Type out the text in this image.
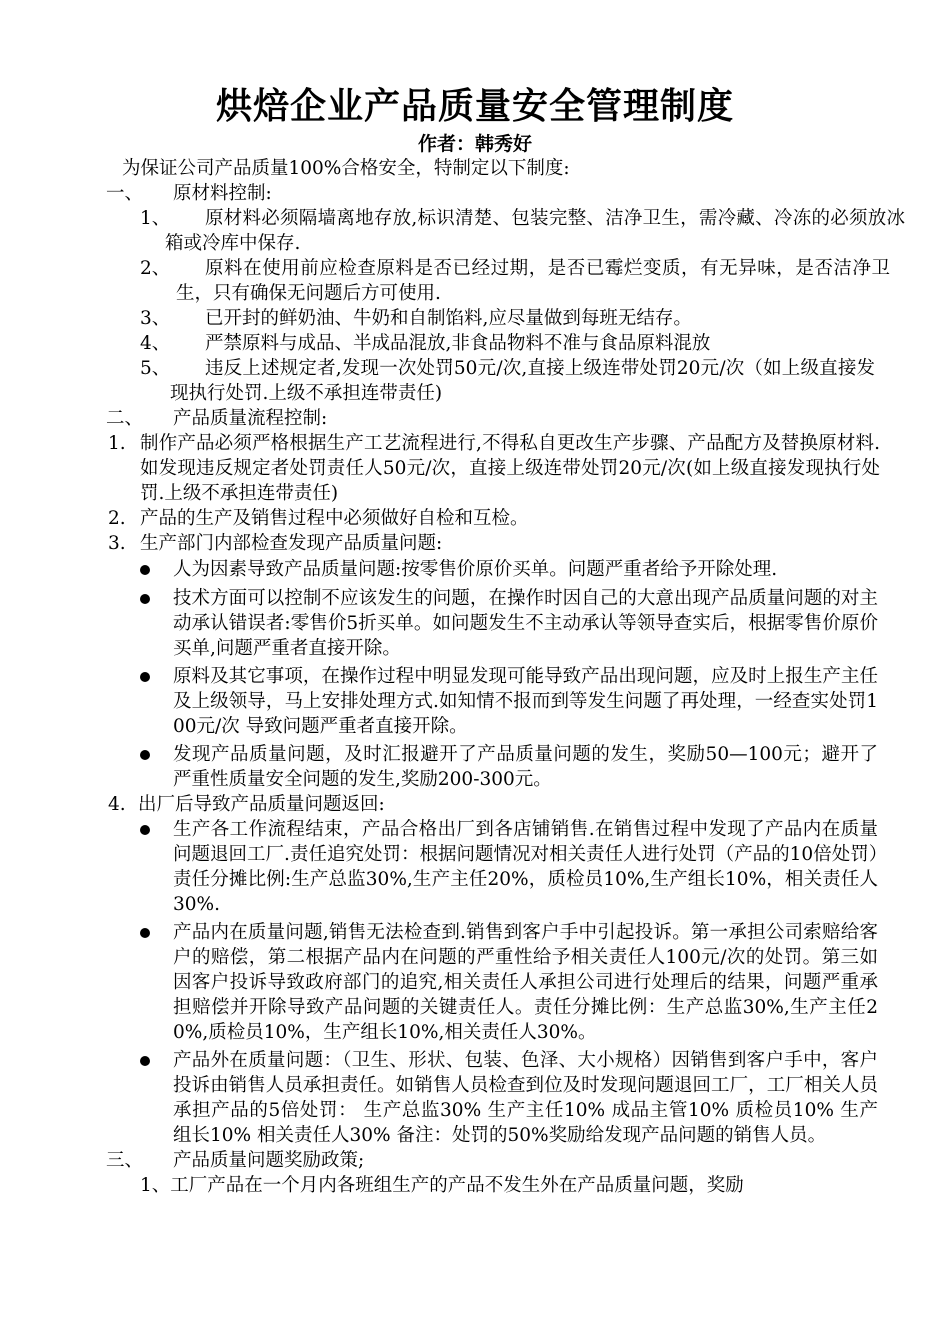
烘焙企业产品质量安全管理制度
作者：韩秀好
为保证公司产品质量100%合格安全，特制定以下制度:
一、 原材料控制:
1、	原材料必须隔墙离地存放,标识清楚、包装完整、洁净卫生，需冷藏、冷冻的必须放冰箱或冷库中保存.
2、	原料在使用前应检查原料是否已经过期，是否已霉烂变质，有无异味，是否洁净卫生，只有确保无问题后方可使用.
3、 已开封的鲜奶油、牛奶和自制馅料,应尽量做到每班无结存。
4、 严禁原料与成品、半成品混放,非食品物料不准与食品原料混放
5、	违反上述规定者,发现一次处罚50元/次,直接上级连带处罚20元/次（如上级直接发现执行处罚.上级不承担连带责任)
二、 产品质量流程控制:
1. 制作产品必须严格根据生产工艺流程进行,不得私自更改生产步骤、产品配方及替换原材料.如发现违反规定者处罚责任人50元/次，直接上级连带处罚20元/次(如上级直接发现执行处罚.上级不承担连带责任)
2. 产品的生产及销售过程中必须做好自检和互检。
3. 生产部门内部检查发现产品质量问题:
人为因素导致产品质量问题:按零售价原价买单。问题严重者给予开除处理.
技术方面可以控制不应该发生的问题，在操作时因自己的大意出现产品质量问题的对主动承认错误者:零售价5折买单。如问题发生不主动承认等领导查实后，根据零售价原价买单,问题严重者直接开除。
原料及其它事项，在操作过程中明显发现可能导致产品出现问题，应及时上报生产主任及上级领导，马上安排处理方式.如知情不报而到等发生问题了再处理，一经查实处罚100元/次 导致问题严重者直接开除。
发现产品质量问题，及时汇报避开了产品质量问题的发生，奖励50—100元；避开了严重性质量安全问题的发生,奖励200-300元。
4. 出厂后导致产品质量问题返回:
生产各工作流程结束，产品合格出厂到各店铺销售.在销售过程中发现了产品内在质量问题退回工厂.责任追究处罚：根据问题情况对相关责任人进行处罚（产品的10倍处罚）责任分摊比例:生产总监30%,生产主任20%，质检员10%,生产组长10%，相关责任人30%.
产品内在质量问题,销售无法检查到.销售到客户手中引起投诉。第一承担公司索赔给客户的赔偿，第二根据产品内在问题的严重性给予相关责任人100元/次的处罚。第三如因客户投诉导致政府部门的追究,相关责任人承担公司进行处理后的结果，问题严重承担赔偿并开除导致产品问题的关键责任人。责任分摊比例：生产总监30%,生产主任20%,质检员10%，生产组长10%,相关责任人30%。
产品外在质量问题：（卫生、形状、包装、色泽、大小规格）因销售到客户手中，客户投诉由销售人员承担责任。如销售人员检查到位及时发现问题退回工厂，工厂相关人员承担产品的5倍处罚： 生产总监30% 生产主任10% 成品主管10% 质检员10% 生产组长10% 相关责任人30% 备注：处罚的50%奖励给发现产品问题的销售人员。
三、 产品质量问题奖励政策;
1、工厂产品在一个月内各班组生产的产品不发生外在产品质量问题，奖励
